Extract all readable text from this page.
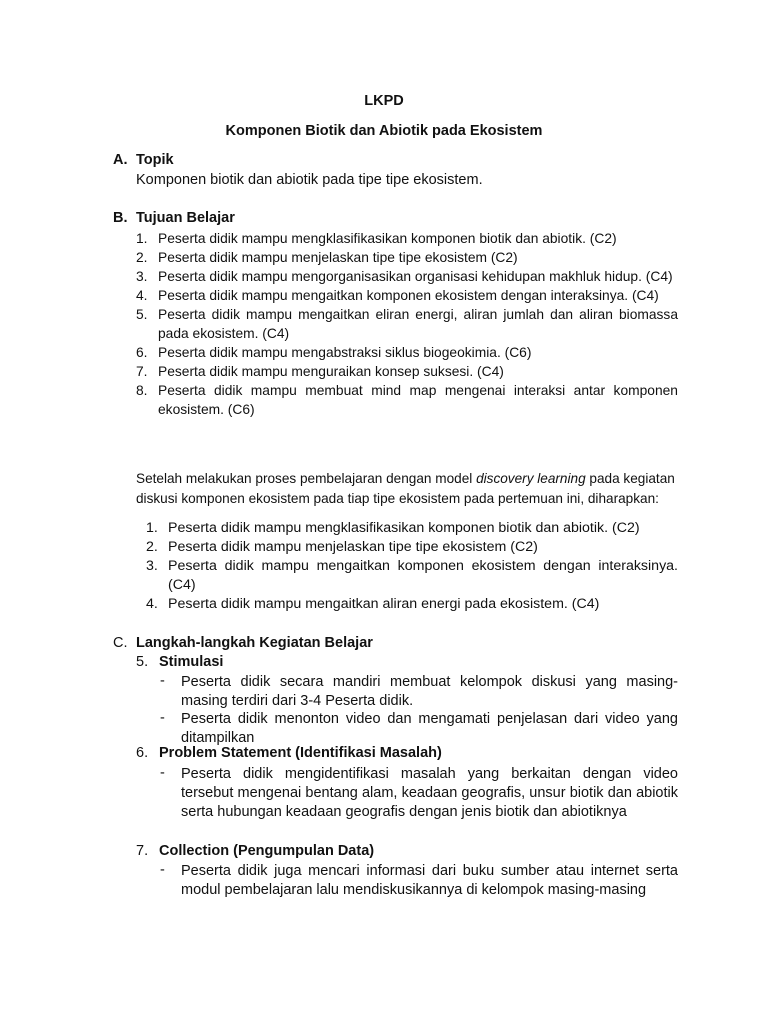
LKPD
Komponen Biotik dan Abiotik pada Ekosistem
A. Topik
Komponen biotik dan abiotik pada tipe tipe ekosistem.
B. Tujuan Belajar
1. Peserta didik mampu mengklasifikasikan komponen biotik dan abiotik. (C2)
2. Peserta didik mampu menjelaskan tipe tipe ekosistem (C2)
3. Peserta didik mampu mengorganisasikan organisasi kehidupan makhluk hidup. (C4)
4. Peserta didik mampu mengaitkan komponen ekosistem dengan interaksinya. (C4)
5. Peserta didik mampu mengaitkan eliran energi, aliran jumlah dan aliran biomassa pada ekosistem. (C4)
6. Peserta didik mampu mengabstraksi siklus biogeokimia. (C6)
7. Peserta didik mampu menguraikan konsep suksesi. (C4)
8. Peserta didik mampu membuat mind map mengenai interaksi antar komponen ekosistem. (C6)
Setelah melakukan proses pembelajaran dengan model discovery learning pada kegiatan diskusi komponen ekosistem pada tiap tipe ekosistem pada pertemuan ini, diharapkan:
1. Peserta didik mampu mengklasifikasikan komponen biotik dan abiotik. (C2)
2. Peserta didik mampu menjelaskan tipe tipe ekosistem (C2)
3. Peserta didik mampu mengaitkan komponen ekosistem dengan interaksinya. (C4)
4. Peserta didik mampu mengaitkan aliran energi pada ekosistem. (C4)
C. Langkah-langkah Kegiatan Belajar
5. Stimulasi
- Peserta didik secara mandiri membuat kelompok diskusi yang masing-masing terdiri dari 3-4 Peserta didik.
- Peserta didik menonton video dan mengamati penjelasan dari video yang ditampilkan
6. Problem Statement (Identifikasi Masalah)
- Peserta didik mengidentifikasi masalah yang berkaitan dengan video tersebut mengenai bentang alam, keadaan geografis, unsur biotik dan abiotik serta hubungan keadaan geografis dengan jenis biotik dan abiotiknya
7. Collection (Pengumpulan Data)
- Peserta didik juga mencari informasi dari buku sumber atau internet serta modul pembelajaran lalu mendiskusikannya di kelompok masing-masing
